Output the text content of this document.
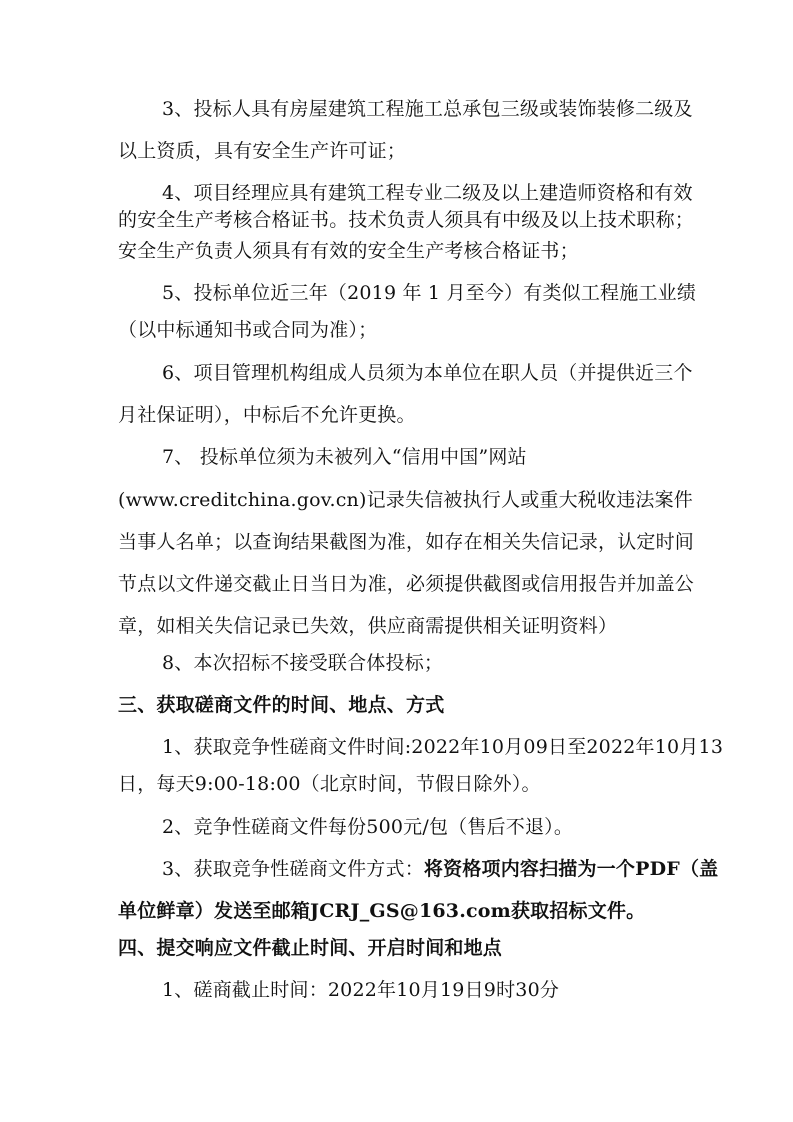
3、投标人具有房屋建筑工程施工总承包三级或装饰装修二级及
以上资质，具有安全生产许可证；
4、项目经理应具有建筑工程专业二级及以上建造师资格和有效
的安全生产考核合格证书。技术负责人须具有中级及以上技术职称；
安全生产负责人须具有有效的安全生产考核合格证书；
5、投标单位近三年（2019 年 1 月至今）有类似工程施工业绩
（以中标通知书或合同为准）；
6、项目管理机构组成人员须为本单位在职人员（并提供近三个
月社保证明），中标后不允许更换。
7、 投标单位须为未被列入“信用中国”网站
(www.creditchina.gov.cn)记录失信被执行人或重大税收违法案件
当事人名单；以查询结果截图为准，如存在相关失信记录，认定时间
节点以文件递交截止日当日为准，必须提供截图或信用报告并加盖公
章，如相关失信记录已失效，供应商需提供相关证明资料）
8、本次招标不接受联合体投标；
三、获取磋商文件的时间、地点、方式
1、获取竞争性磋商文件时间:2022年10月09日至2022年10月13
日，每天9:00-18:00（北京时间，节假日除外）。
2、竞争性磋商文件每份500元/包（售后不退）。
3、获取竞争性磋商文件方式：将资格项内容扫描为一个PDF（盖
单位鲜章）发送至邮箱JCRJ_GS@163.com获取招标文件。
四、提交响应文件截止时间、开启时间和地点
1、磋商截止时间：2022年10月19日9时30分
